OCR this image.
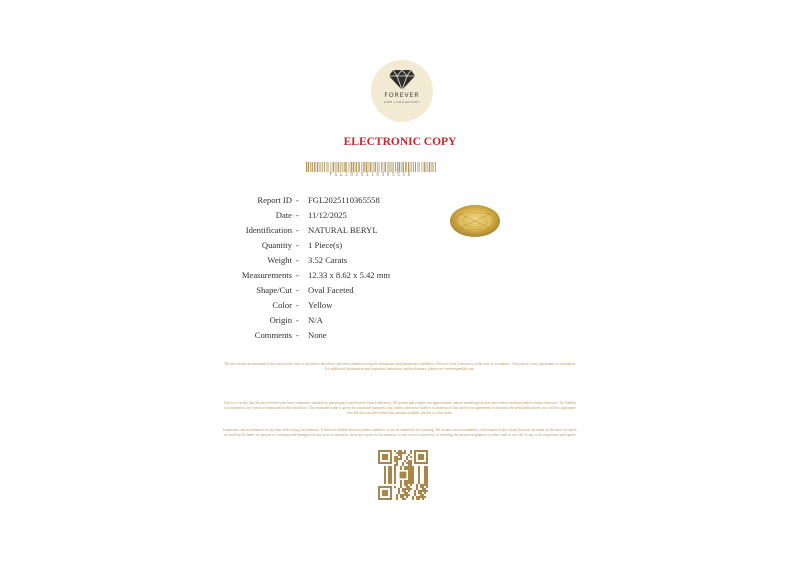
FOREVER
GEM LABORATORY
ELECTRONIC COPY
FGL2025110365558
Report ID - FGL2025110365558
Date - 11/12/2025
Identification - NATURAL BERYL
Quantity - 1 Piece(s)
Weight - 3.52 Carats
Measurements - 12.33 x 8.62 x 5.42 mm
Shape/Cut - Oval Faceted
Color - Yellow
Origin - N/A
Comments - None
The test results documented in this report refer only to the article described, and were obtained using the techniques and equipment available to Forever Gem Laboratory at the time of evaluation. This report is not a guarantee or evaluation. For additional information and important limitations and disclaimers, please see foreveregemlab.com.
This is to certify that the above items have been examined carefully by gemologist from Forever Gem Laboratory. All grades and weights are approximate, and no metallurgical tests have been conducted unless stated otherwise. No liability is accepted for any errors or omissions in this certificate. The estimated value is given for insurance purposes only, unless otherwise stated it is understood that there is no agreement to purchase the item listed above, nor will be a guarantee that the set item will realize this amount at public private or other sales.
Gemstones can be enhanced at any time after living our premises. If there are doubts about an items condition, it can be submitted for retesting. We assume no accountability with respect to any action that may be taken on the basis of report, we shall not be liable for special or consequential damages for any error or omission, from any report for its issuance, or use, even if caused by, or resulting the persons negligence or other fault of our lab, or any of its employees and agents.
